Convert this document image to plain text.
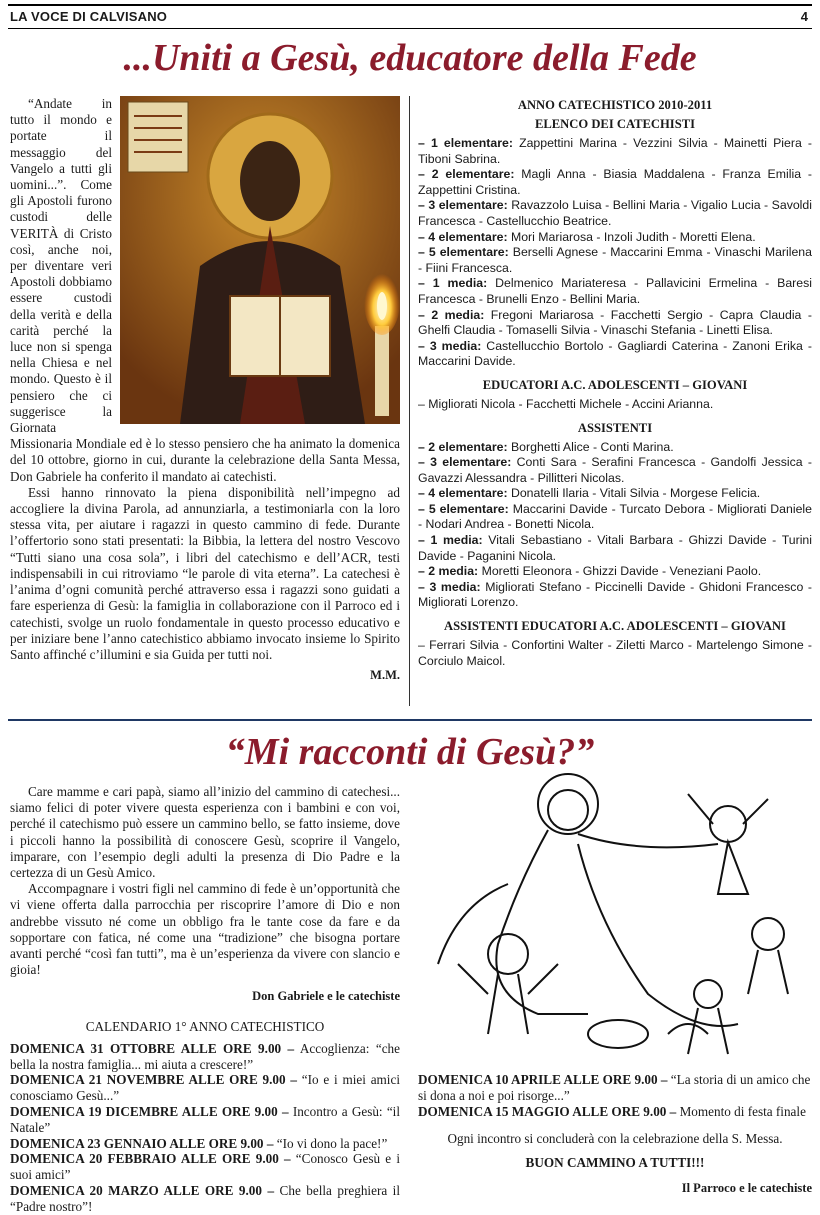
LA VOCE DI CALVISANO	4
...Uniti a Gesù, educatore della Fede

“Andate in tutto il mondo e portate il messaggio del Vangelo a tutti gli uomini...”. Come gli Apostoli furono custodi delle VERITÀ di Cristo così, anche noi, per diventare veri Apostoli dobbiamo essere custodi della verità e della carità perché la luce non si spenga nella Chiesa e nel mondo. Questo è il pensiero che ci suggerisce la Giornata Missionaria Mondiale ed è lo stesso pensiero che ha animato la domenica del 10 ottobre, giorno in cui, durante la celebrazione della Santa Messa, Don Gabriele ha conferito il mandato ai catechisti.

Essi hanno rinnovato la piena disponibilità nell’impegno ad accogliere la divina Parola, ad annunziarla, a testimoniarla con la loro stessa vita, per aiutare i ragazzi in questo cammino di fede. Durante l’offertorio sono stati presentati: la Bibbia, la lettera del nostro Vescovo “Tutti siano una cosa sola”, i libri del catechismo e dell’ACR, testi indispensabili in cui ritroviamo “le parole di vita eterna”. La catechesi è l’anima d’ogni comunità perché attraverso essa i ragazzi sono guidati a fare esperienza di Gesù: la famiglia in collaborazione con il Parroco ed i catechisti, svolge un ruolo fondamentale in questo processo educativo e per iniziare bene l’anno catechistico abbiamo invocato insieme lo Spirito Santo affinché c’illumini e sia Guida per tutti noi.

M.M.
ANNO CATECHISTICO 2010-2011
ELENCO DEI CATECHISTI

– 1 elementare: Zappettini Marina - Vezzini Silvia - Mainetti Piera - Tiboni Sabrina.

– 2 elementare: Magli Anna - Biasia Maddalena - Franza Emilia - Zappettini Cristina.

– 3 elementare: Ravazzolo Luisa - Bellini Maria - Vigalio Lucia - Savoldi Francesca - Castellucchio Beatrice.

– 4 elementare: Mori Mariarosa - Inzoli Judith - Moretti Elena.

– 5 elementare: Berselli Agnese - Maccarini Emma - Vinaschi Marilena - Fiini Francesca.

– 1 media: Delmenico Mariateresa - Pallavicini Ermelina - Baresi Francesca - Brunelli Enzo - Bellini Maria.

– 2 media: Fregoni Mariarosa - Facchetti Sergio - Capra Claudia - Ghelfi Claudia - Tomaselli Silvia - Vinaschi Stefania - Linetti Elisa.

– 3 media: Castellucchio Bortolo - Gagliardi Caterina - Zanoni Erika - Maccarini Davide.

EDUCATORI A.C. ADOLESCENTI – GIOVANI

– Migliorati Nicola - Facchetti Michele - Accini Arianna.

ASSISTENTI

– 2 elementare: Borghetti Alice - Conti Marina.

– 3 elementare: Conti Sara - Serafini Francesca - Gandolfi Jessica - Gavazzi Alessandra - Pillitteri Nicolas.

– 4 elementare: Donatelli Ilaria - Vitali Silvia - Morgese Felicia.

– 5 elementare: Maccarini Davide - Turcato Debora - Migliorati Daniele - Nodari Andrea - Bonetti Nicola.

– 1 media: Vitali Sebastiano - Vitali Barbara - Ghizzi Davide - Turini Davide - Paganini Nicola.

– 2 media: Moretti Eleonora - Ghizzi Davide - Veneziani Paolo.

– 3 media: Migliorati Stefano - Piccinelli Davide - Ghidoni Francesco - Migliorati Lorenzo.

ASSISTENTI EDUCATORI A.C. ADOLESCENTI – GIOVANI

– Ferrari Silvia - Confortini Walter - Ziletti Marco - Martelengo Simone - Corciulo Maicol.

“Mi racconti di Gesù?”

Care mamme e cari papà, siamo all’inizio del cammino di catechesi... siamo felici di poter vivere questa esperienza con i bambini e con voi, perché il catechismo può essere un cammino bello, se fatto insieme, dove i piccoli hanno la possibilità di conoscere Gesù, scoprire il Vangelo, imparare, con l’esempio degli adulti la presenza di Dio Padre e la certezza di un Gesù Amico.

Accompagnare i vostri figli nel cammino di fede è un’opportunità che vi viene offerta dalla parrocchia per riscoprire l’amore di Dio e non andrebbe vissuto né come un obbligo fra le tante cose da fare e da sopportare con fatica, né come una “tradizione” che bisogna portare avanti perché “così fan tutti”, ma è un’esperienza da vivere con slancio e gioia!

Don Gabriele e le catechiste
CALENDARIO 1° ANNO CATECHISTICO

DOMENICA 31 OTTOBRE ALLE ORE 9.00 – Accoglienza: “che bella la nostra famiglia... mi aiuta a crescere!”

DOMENICA 21 NOVEMBRE ALLE ORE 9.00 – “Io e i miei amici conosciamo Gesù...”

DOMENICA 19 DICEMBRE ALLE ORE 9.00 – Incontro a Gesù: “il Natale”

DOMENICA 23 GENNAIO ALLE ORE 9.00 – “Io vi dono la pace!”

DOMENICA 20 FEBBRAIO ALLE ORE 9.00 – “Conosco Gesù e i suoi amici”

DOMENICA 20 MARZO ALLE ORE 9.00 – Che bella preghiera il “Padre nostro”!

DOMENICA 10 APRILE ALLE ORE 9.00 – “La storia di un amico che si dona a noi e poi risorge...”

DOMENICA 15 MAGGIO ALLE ORE 9.00 – Momento di festa finale

Ogni incontro si concluderà con la celebrazione della S. Messa.
BUON CAMMINO A TUTTI!!!
Il Parroco e le catechiste
